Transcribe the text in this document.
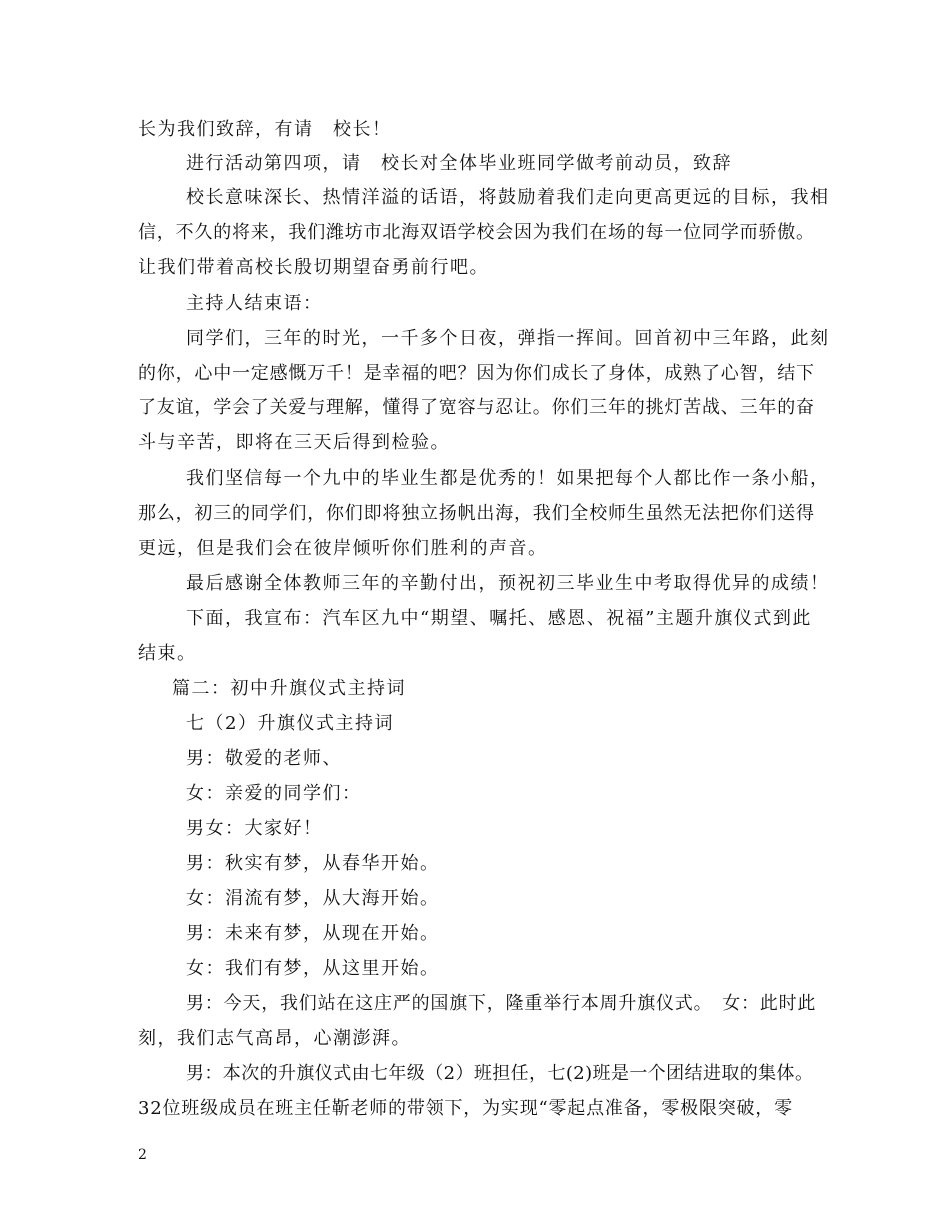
长为我们致辞，有请　校长！

进行活动第四项，请　校长对全体毕业班同学做考前动员，致辞

校长意味深长、热情洋溢的话语，将鼓励着我们走向更高更远的目标，我相

信，不久的将来，我们潍坊市北海双语学校会因为我们在场的每一位同学而骄傲。

让我们带着高校长殷切期望奋勇前行吧。

主持人结束语：

同学们，三年的时光，一千多个日夜，弹指一挥间。回首初中三年路，此刻

的你，心中一定感慨万千！是幸福的吧？因为你们成长了身体，成熟了心智，结下

了友谊，学会了关爱与理解，懂得了宽容与忍让。你们三年的挑灯苦战、三年的奋

斗与辛苦，即将在三天后得到检验。

我们坚信每一个九中的毕业生都是优秀的！如果把每个人都比作一条小船，

那么，初三的同学们，你们即将独立扬帆出海，我们全校师生虽然无法把你们送得

更远，但是我们会在彼岸倾听你们胜利的声音。

最后感谢全体教师三年的辛勤付出，预祝初三毕业生中考取得优异的成绩！

下面，我宣布：汽车区九中“期望、嘱托、感恩、祝福”主题升旗仪式到此

结束。

篇二：初中升旗仪式主持词

七（2）升旗仪式主持词

男：敬爱的老师、

女：亲爱的同学们：

男女：大家好！

男：秋实有梦，从春华开始。

女：涓流有梦，从大海开始。

男：未来有梦，从现在开始。

女：我们有梦，从这里开始。

男：今天，我们站在这庄严的国旗下，隆重举行本周升旗仪式。　女：此时此

刻，我们志气高昂，心潮澎湃。

男：本次的升旗仪式由七年级（2）班担任，七(2)班是一个团结进取的集体。

32位班级成员在班主任靳老师的带领下，为实现“零起点准备，零极限突破，零

2
